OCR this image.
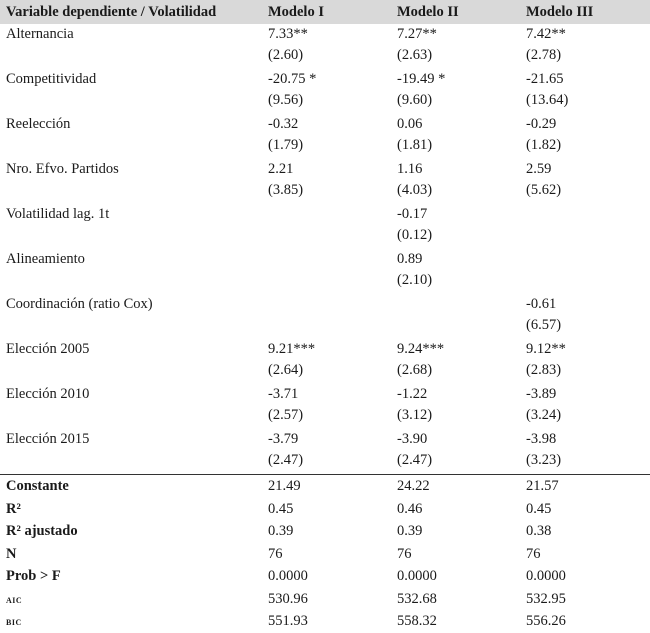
Variable dependiente / Volatilidad	Modelo I	Modelo II	Modelo III
Alternancia	7.33**	7.27**	7.42**
	(2.60)	(2.63)	(2.78)
Competitividad	-20.75 *	-19.49 *	-21.65
	(9.56)	(9.60)	(13.64)
Reelección	-0.32	0.06	-0.29
	(1.79)	(1.81)	(1.82)
Nro. Efvo. Partidos	2.21	1.16	2.59
	(3.85)	(4.03)	(5.62)
Volatilidad lag. 1t		-0.17	
		(0.12)	
Alineamiento		0.89	
		(2.10)	
Coordinación (ratio Cox)			-0.61
			(6.57)
Elección 2005	9.21***	9.24***	9.12**
	(2.64)	(2.68)	(2.83)
Elección 2010	-3.71	-1.22	-3.89
	(2.57)	(3.12)	(3.24)
Elección 2015	-3.79	-3.90	-3.98
	(2.47)	(2.47)	(3.23)
Constante	21.49	24.22	21.57
R²	0.45	0.46	0.45
R² ajustado	0.39	0.39	0.38
N	76	76	76
Prob > F	0.0000	0.0000	0.0000
aic	530.96	532.68	532.95
bic	551.93	558.32	556.26
